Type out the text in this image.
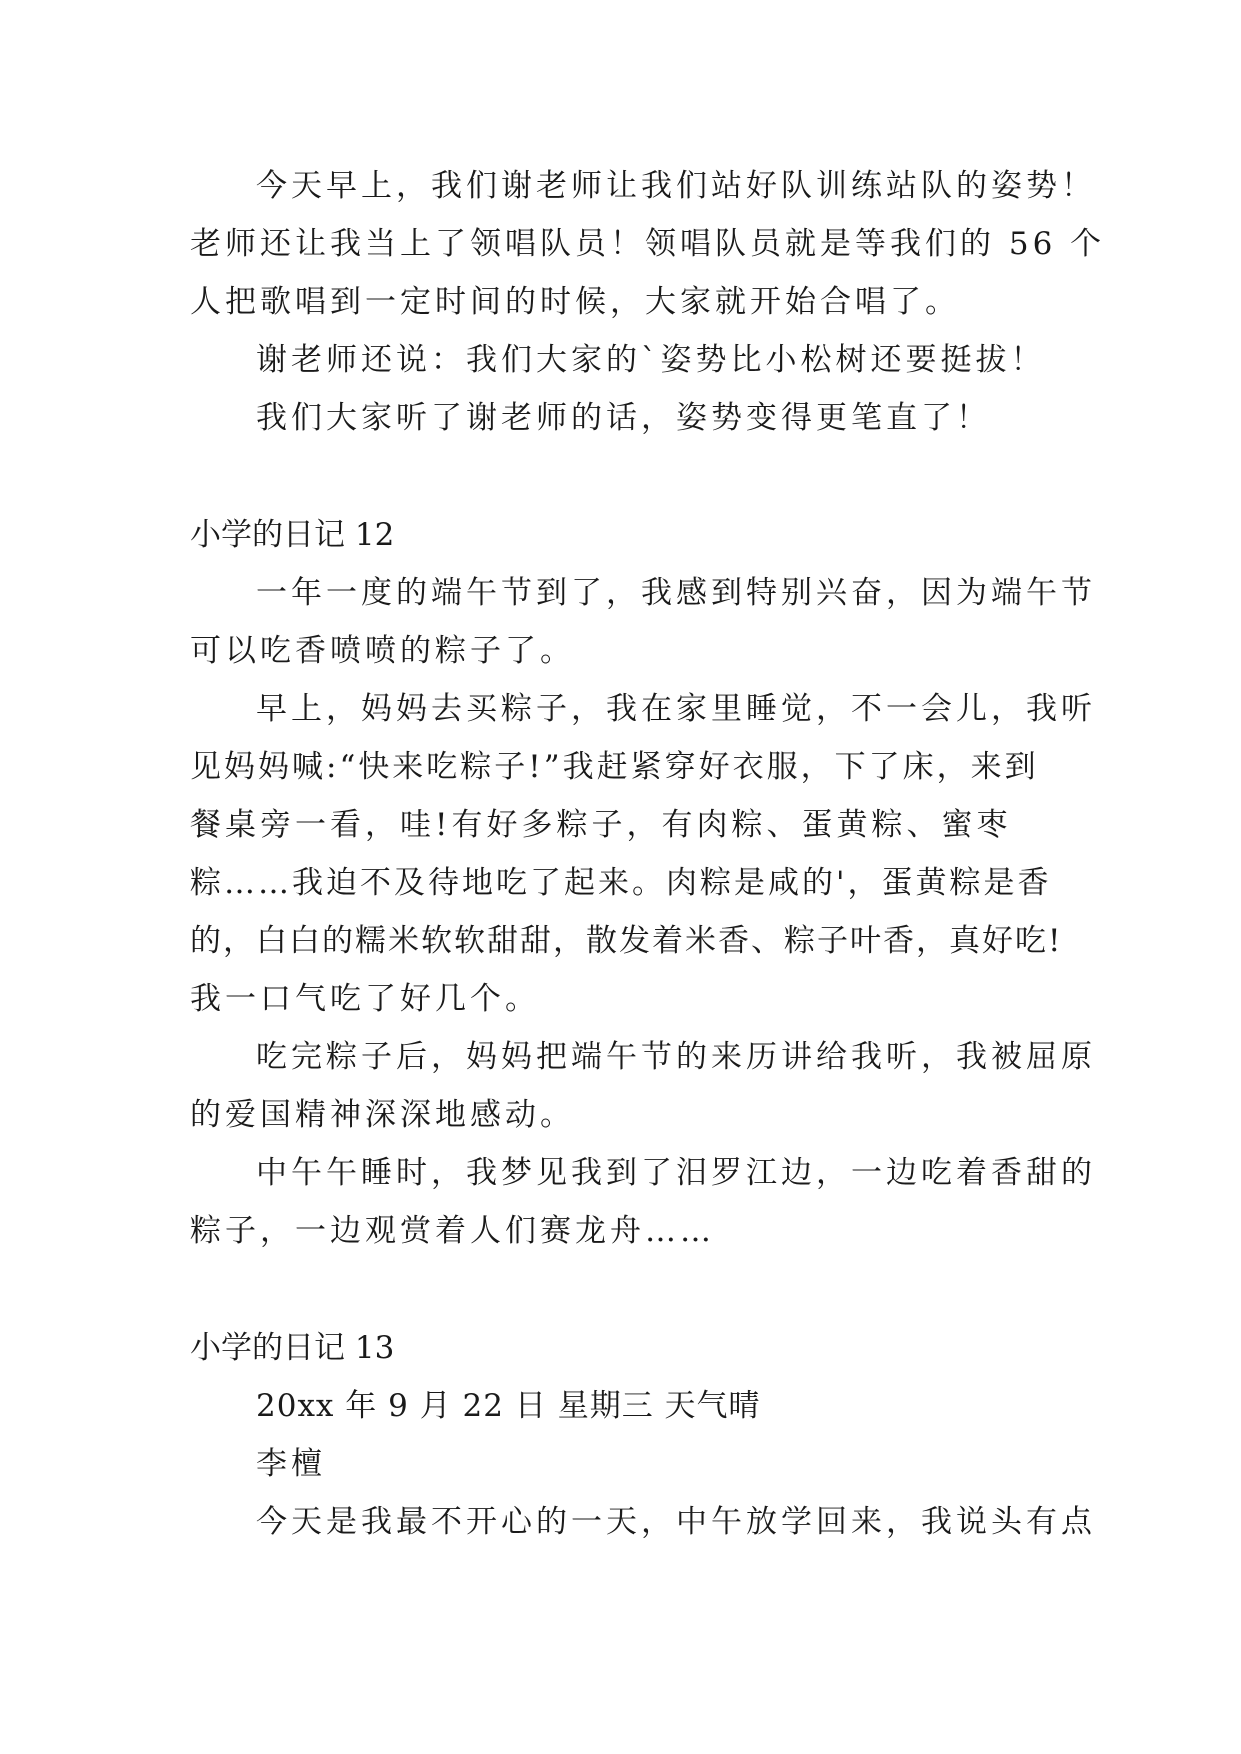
今天早上，我们谢老师让我们站好队训练站队的姿势！
老师还让我当上了领唱队员！领唱队员就是等我们的 56 个
人把歌唱到一定时间的时候，大家就开始合唱了。
谢老师还说：我们大家的`姿势比小松树还要挺拔！
我们大家听了谢老师的话，姿势变得更笔直了！
小学的日记 12
一年一度的端午节到了，我感到特别兴奋，因为端午节
可以吃香喷喷的粽子了。
早上，妈妈去买粽子，我在家里睡觉，不一会儿，我听
见妈妈喊:“快来吃粽子!”我赶紧穿好衣服，下了床，来到
餐桌旁一看，哇!有好多粽子，有肉粽、蛋黄粽、蜜枣
粽……我迫不及待地吃了起来。肉粽是咸的'，蛋黄粽是香
的，白白的糯米软软甜甜，散发着米香、粽子叶香，真好吃!
我一口气吃了好几个。
吃完粽子后，妈妈把端午节的来历讲给我听，我被屈原
的爱国精神深深地感动。
中午午睡时，我梦见我到了汨罗江边，一边吃着香甜的
粽子，一边观赏着人们赛龙舟……
小学的日记 13
20xx 年 9 月 22 日 星期三 天气晴
李檀
今天是我最不开心的一天，中午放学回来，我说头有点
